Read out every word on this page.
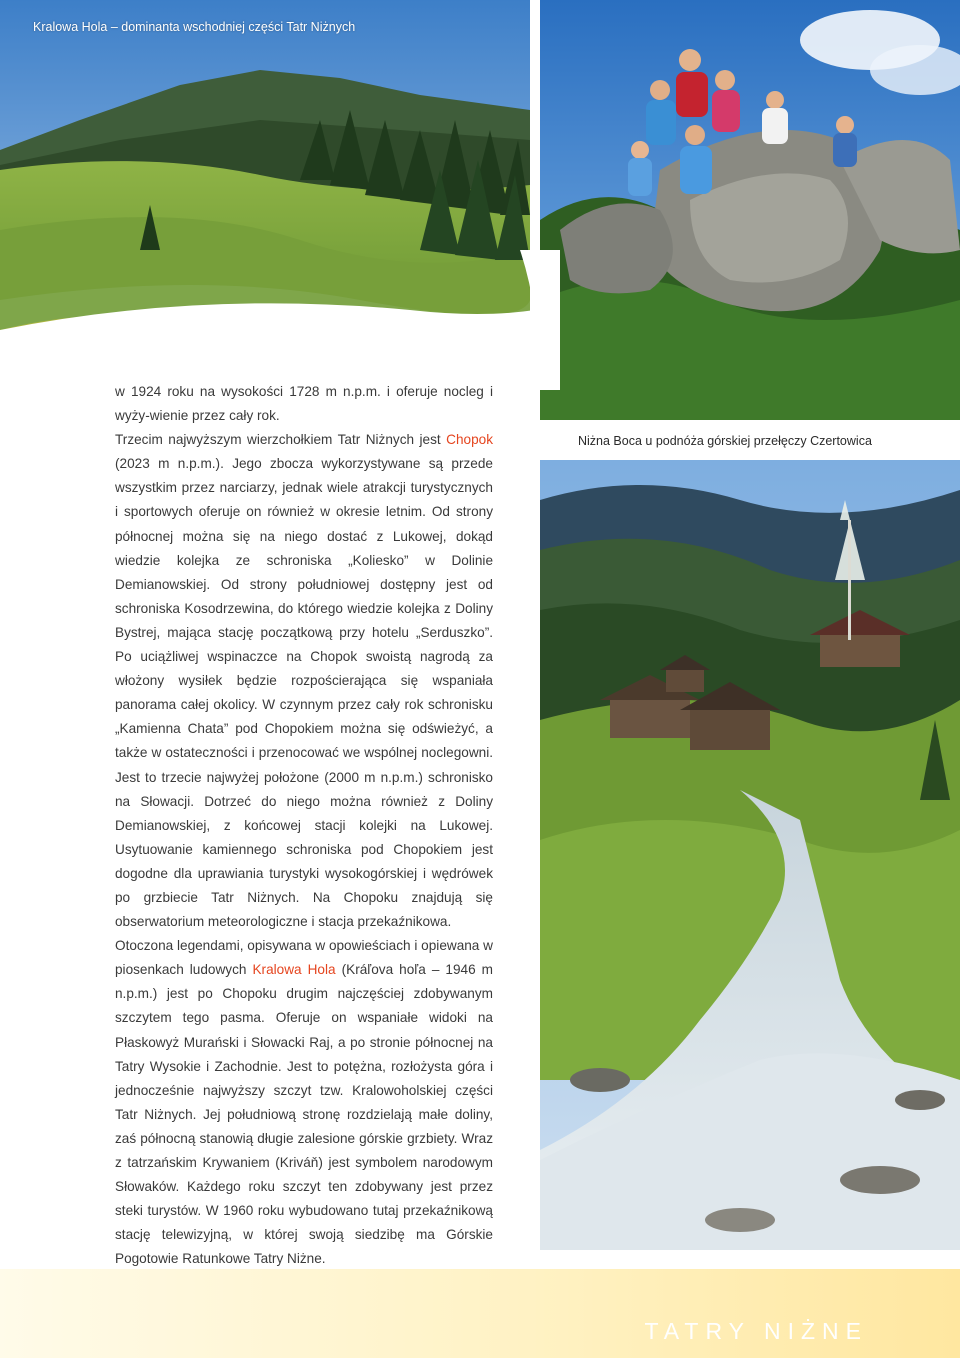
Kralowa Hola – dominanta wschodniej części Tatr Niżnych
Niżna Boca u podnóża górskiej przełęczy Czertowica

w 1924 roku na wysokości 1728 m n.p.m. i oferuje nocleg i wyży-wienie przez cały rok.

Trzecim najwyższym wierzchołkiem Tatr Niżnych jest Chopok (2023 m n.p.m.). Jego zbocza wykorzystywane są przede wszystkim przez narciarzy, jednak wiele atrakcji turystycznych i sportowych oferuje on również w okresie letnim. Od strony północnej można się na niego dostać z Lukowej, dokąd wiedzie kolejka ze schroniska „Koliesko” w Dolinie Demianowskiej. Od strony południowej dostępny jest od schroniska Kosodrzewina, do którego wiedzie kolejka z Doliny Bystrej, mająca stację początkową przy hotelu „Serduszko”. Po uciążliwej wspinaczce na Chopok swoistą nagrodą za włożony wysiłek będzie rozpościerająca się wspaniała panorama całej okolicy. W czynnym przez cały rok schronisku „Kamienna Chata” pod Chopokiem można się odświeżyć, a także w ostateczności i przenocować we wspólnej noclegowni. Jest to trzecie najwyżej położone (2000 m n.p.m.) schronisko na Słowacji. Dotrzeć do niego można również z Doliny Demianowskiej, z końcowej stacji kolejki na Lukowej. Usytuowanie kamiennego schroniska pod Chopokiem jest dogodne dla uprawiania turystyki wysokogórskiej i wędrówek po grzbiecie Tatr Niżnych. Na Chopoku znajdują się obserwatorium meteorologiczne i stacja przekaźnikowa.

Otoczona legendami, opisywana w opowieściach i opiewana w piosenkach ludowych Kralowa Hola (Kráľova hoľa – 1946 m n.p.m.) jest po Chopoku drugim najczęściej zdobywanym szczytem tego pasma. Oferuje on wspaniałe widoki na Płaskowyż Murański i Słowacki Raj, a po stronie północnej na Tatry Wysokie i Zachodnie. Jest to potężna, rozłożysta góra i jednocześnie najwyższy szczyt tzw. Kralowoholskiej części Tatr Niżnych. Jej południową stronę rozdzielają małe doliny, zaś północną stanowią długie zalesione górskie grzbiety. Wraz z tatrzańskim Krywaniem (Kriváň) jest symbolem narodowym Słowaków. Każdego roku szczyt ten zdobywany jest przez steki turystów. W 1960 roku wybudowano tutaj przekaźnikową stację telewizyjną, w której swoją siedzibę ma Górskie Pogotowie Ratunkowe Tatry Niżne.

TATRY NIŻNE
